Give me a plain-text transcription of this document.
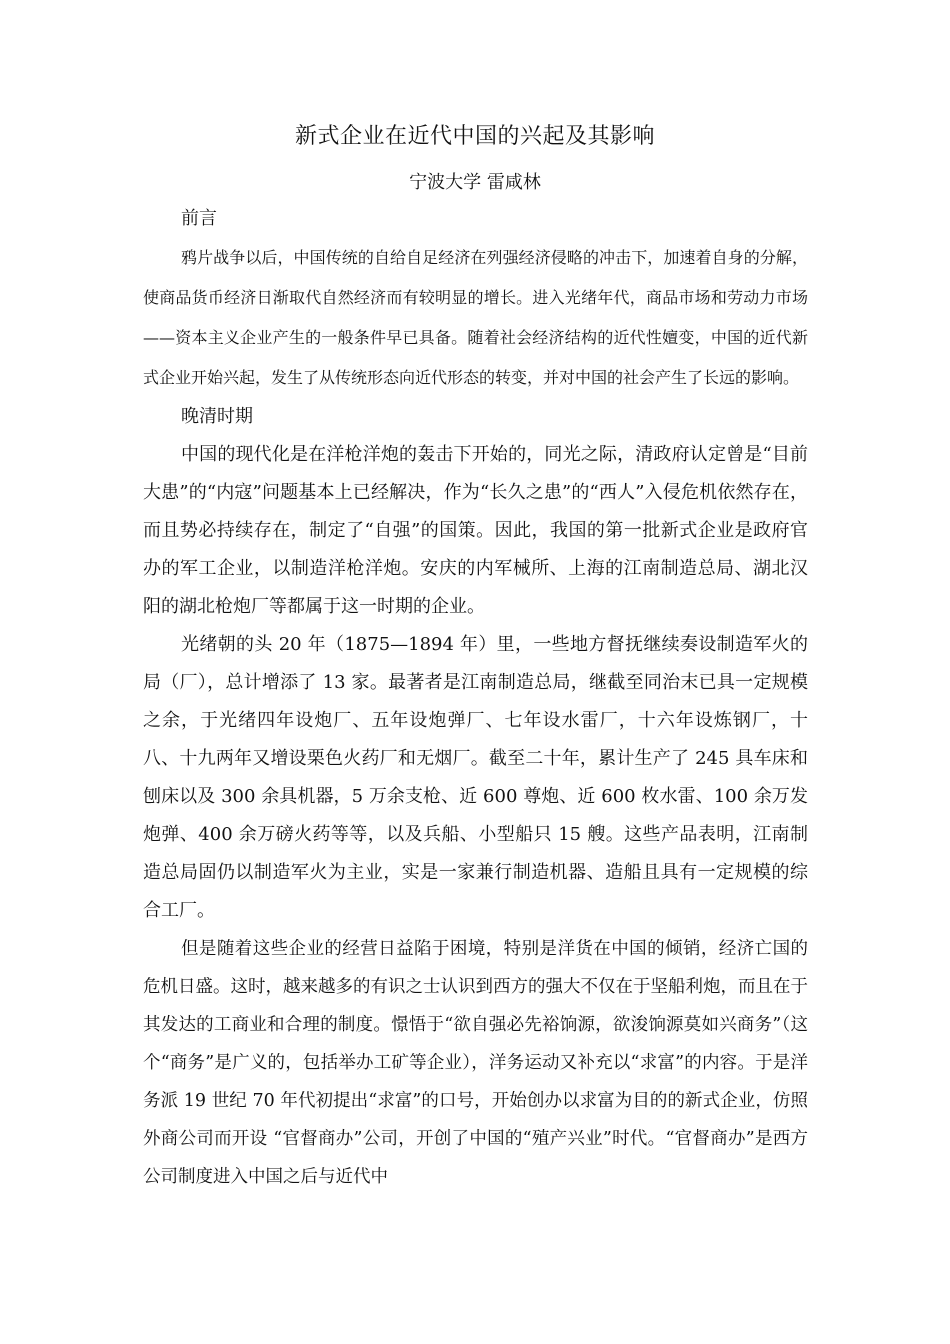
新式企业在近代中国的兴起及其影响
宁波大学 雷咸林

前言

鸦片战争以后，中国传统的自给自足经济在列强经济侵略的冲击下，加速着自身的分解，使商品货币经济日渐取代自然经济而有较明显的增长。进入光绪年代，商品市场和劳动力市场——资本主义企业产生的一般条件早已具备。随着社会经济结构的近代性嬗变，中国的近代新式企业开始兴起，发生了从传统形态向近代形态的转变，并对中国的社会产生了长远的影响。

晚清时期

中国的现代化是在洋枪洋炮的轰击下开始的，同光之际，清政府认定曾是“目前大患”的“内寇”问题基本上已经解决，作为“长久之患”的“西人”入侵危机依然存在，而且势必持续存在，制定了“自强”的国策。因此，我国的第一批新式企业是政府官办的军工企业，以制造洋枪洋炮。安庆的内军械所、上海的江南制造总局、湖北汉阳的湖北枪炮厂等都属于这一时期的企业。

光绪朝的头 20 年（1875—1894 年）里，一些地方督抚继续奏设制造军火的局（厂），总计增添了 13 家。最著者是江南制造总局，继截至同治末已具一定规模之余，于光绪四年设炮厂、五年设炮弹厂、七年设水雷厂，十六年设炼钢厂，十八、十九两年又增设栗色火药厂和无烟厂。截至二十年，累计生产了 245 具车床和刨床以及 300 余具机器，5 万余支枪、近 600 尊炮、近 600 枚水雷、100 余万发炮弹、400 余万磅火药等等，以及兵船、小型船只 15 艘。这些产品表明，江南制造总局固仍以制造军火为主业，实是一家兼行制造机器、造船且具有一定规模的综合工厂。

但是随着这些企业的经营日益陷于困境，特别是洋货在中国的倾销，经济亡国的危机日盛。这时，越来越多的有识之士认识到西方的强大不仅在于坚船利炮，而且在于其发达的工商业和合理的制度。憬悟于“欲自强必先裕饷源，欲浚饷源莫如兴商务”（这个“商务”是广义的，包括举办工矿等企业），洋务运动又补充以“求富”的内容。于是洋务派 19 世纪 70 年代初提出“求富”的口号，开始创办以求富为目的的新式企业，仿照外商公司而开设 “官督商办”公司，开创了中国的“殖产兴业”时代。“官督商办”是西方公司制度进入中国之后与近代中
